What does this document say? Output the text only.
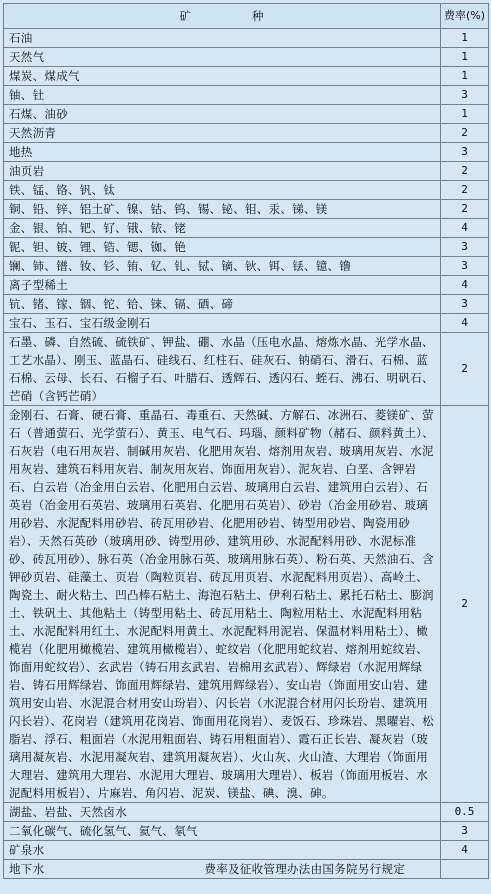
矿 种	费率(%)
石油	1
天然气	1
煤炭、煤成气	1
铀、钍	3
石煤、油砂	1
天然沥青	2
地热	3
油页岩	2
铁、锰、铬、钒、钛	2
铜、铅、锌、铝土矿、镍、钴、钨、锡、铋、钼、汞、锑、镁	2
金、银、铂、钯、钌、锇、铱、铑	4
铌、钽、铍、锂、锆、锶、铷、铯	3
镧、铈、镨、钕、钐、铕、钇、钆、铽、镝、钬、铒、铥、镱、镥	3
离子型稀土	4
钪、锗、镓、铟、铊、铪、铼、镉、硒、碲	3
宝石、玉石、宝石级金刚石	4
石墨、磷、自然硫、硫铁矿、钾盐、硼、水晶（压电水晶、熔炼水晶、光学水晶、工艺水晶）、刚玉、蓝晶石、硅线石、红柱石、硅灰石、钠硝石、滑石、石棉、蓝石棉、云母、长石、石榴子石、叶腊石、透辉石、透闪石、蛭石、沸石、明矾石、芒硝（含钙芒硝）	2
金刚石、石膏、硬石膏、重晶石、毒重石、天然碱、方解石、冰洲石、菱镁矿、萤石（普通萤石、光学萤石）、黄玉、电气石、玛瑙、颜料矿物（赭石、颜料黄土）、石灰岩（电石用灰岩、制碱用灰岩、化肥用灰岩、熔剂用灰岩、玻璃用灰岩、水泥用灰岩、建筑石料用灰岩、制灰用灰岩、饰面用灰岩）、泥灰岩、白垩、含钾岩石、白云岩（冶金用白云岩、化肥用白云岩、玻璃用白云岩、建筑用白云岩）、石英岩（冶金用石英岩、玻璃用石英岩、化肥用石英岩）、砂岩（冶金用砂岩、玻璃用砂岩、水泥配料用砂岩、砖瓦用砂岩、化肥用砂岩、铸型用砂岩、陶瓷用砂岩）、天然石英砂（玻璃用砂、铸型用砂、建筑用砂、水泥配料用砂、水泥标准砂、砖瓦用砂）、脉石英（冶金用脉石英、玻璃用脉石英）、粉石英、天然油石、含钾砂页岩、硅藻土、页岩（陶粒页岩、砖瓦用页岩、水泥配料用页岩）、高岭土、陶瓷土、耐火粘土、凹凸棒石粘土、海泡石粘土、伊利石粘土、累托石粘土、膨润土、铁矾土、其他粘土（铸型用粘土、砖瓦用粘土、陶粒用粘土、水泥配料用粘土、水泥配料用红土、水泥配料用黄土、水泥配料用泥岩、保温材料用粘土）、橄榄岩（化肥用橄榄岩、建筑用橄榄岩）、蛇纹岩（化肥用蛇纹岩、熔剂用蛇纹岩、饰面用蛇纹岩）、玄武岩（铸石用玄武岩、岩棉用玄武岩）、辉绿岩（水泥用辉绿岩、铸石用辉绿岩、饰面用辉绿岩、建筑用辉绿岩）、安山岩（饰面用安山岩、建筑用安山岩、水泥混合材用安山玢岩）、闪长岩（水泥混合材用闪长玢岩、建筑用闪长岩）、花岗岩（建筑用花岗岩、饰面用花岗岩）、麦饭石、珍珠岩、黑曜岩、松脂岩、浮石、粗面岩（水泥用粗面岩、铸石用粗面岩）、霞石正长岩、凝灰岩（玻璃用凝灰岩、水泥用凝灰岩、建筑用凝灰岩）、火山灰、火山渣、大理岩（饰面用大理岩、建筑用大理岩、水泥用大理岩、玻璃用大理岩）、板岩（饰面用板岩、水泥配料用板岩）、片麻岩、角闪岩、泥炭、镁盐、碘、溴、砷。	2
湖盐、岩盐、天然卤水	0.5
二氧化碳气、硫化氢气、氦气、氡气	3
矿泉水	4
地下水 费率及征收管理办法由国务院另行规定	
